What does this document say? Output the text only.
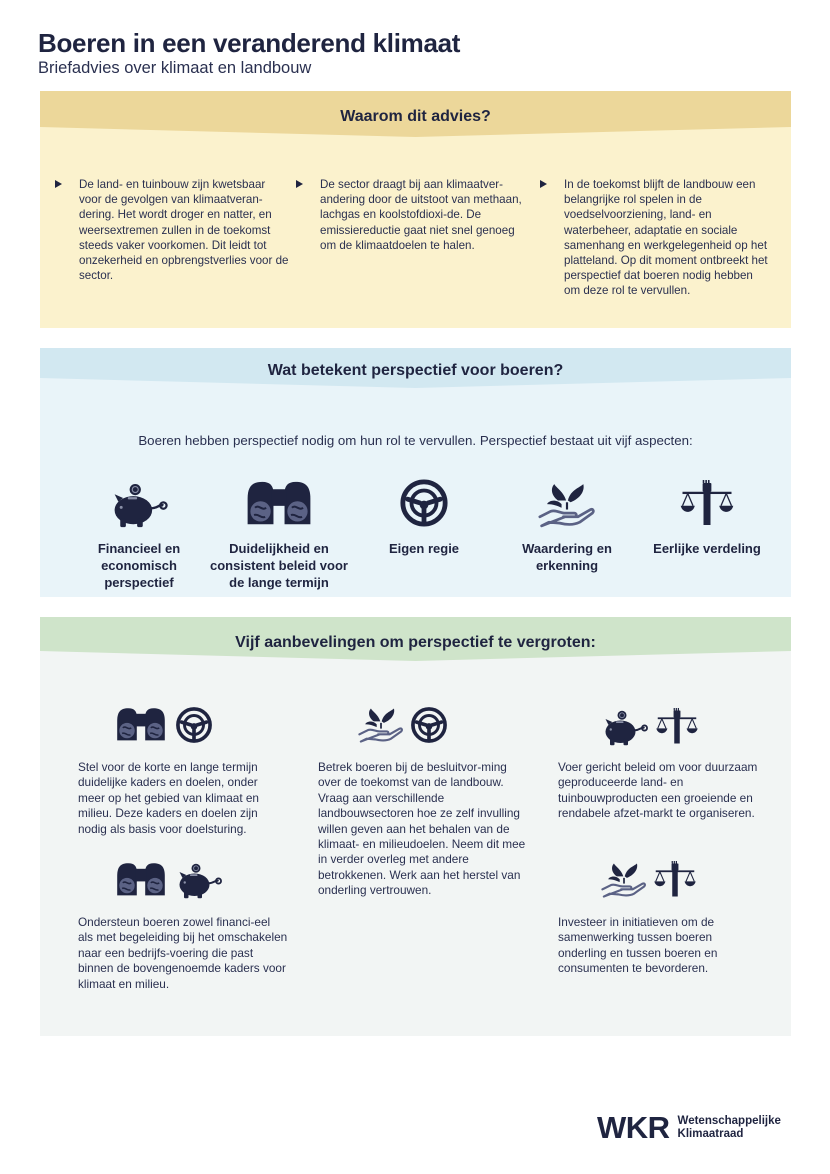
Boeren in een veranderend klimaat
Briefadvies over klimaat en landbouw
Waarom dit advies?
De land- en tuinbouw zijn kwetsbaar voor de gevolgen van klimaatveran-dering. Het wordt droger en natter, en weersextremen zullen in de toekomst steeds vaker voorkomen. Dit leidt tot onzekerheid en opbrengstverlies voor de sector.
De sector draagt bij aan klimaatver-andering door de uitstoot van methaan, lachgas en koolstofdioxi-de. De emissiereductie gaat niet snel genoeg om de klimaatdoelen te halen.
In de toekomst blijft de landbouw een belangrijke rol spelen in de voedselvoorziening, land- en waterbeheer, adaptatie en sociale samenhang en werkgelegenheid op het platteland. Op dit moment ontbreekt het perspectief dat boeren nodig hebben om deze rol te vervullen.
Wat betekent perspectief voor boeren?
Boeren hebben perspectief nodig om hun rol te vervullen. Perspectief bestaat uit vijf aspecten:
Financieel en economisch perspectief
Duidelijkheid en consistent beleid voor de lange termijn
Eigen regie	Waardering en erkenning
Eerlijke verdeling
Vijf aanbevelingen om perspectief te vergroten:
Stel voor de korte en lange termijn duidelijke kaders en doelen, onder meer op het gebied van klimaat en milieu. Deze kaders en doelen zijn nodig als basis voor doelsturing.
Betrek boeren bij de besluitvor-ming over de toekomst van de landbouw. Vraag aan verschillende landbouwsectoren hoe ze zelf invulling willen geven aan het behalen van de klimaat- en milieudoelen. Neem dit mee in verder overleg met andere betrokkenen. Werk aan het herstel van onderling vertrouwen.
Voer gericht beleid om voor duurzaam geproduceerde land- en tuinbouwproducten een groeiende en rendabele afzet-markt te organiseren.
Ondersteun boeren zowel financi-eel als met begeleiding bij het omschakelen naar een bedrijfs-voering die past binnen de bovengenoemde kaders voor klimaat en milieu.
Investeer in initiatieven om de samenwerking tussen boeren onderling en tussen boeren en consumenten te bevorderen.
WKR Wetenschappelijke
Klimaatraad
